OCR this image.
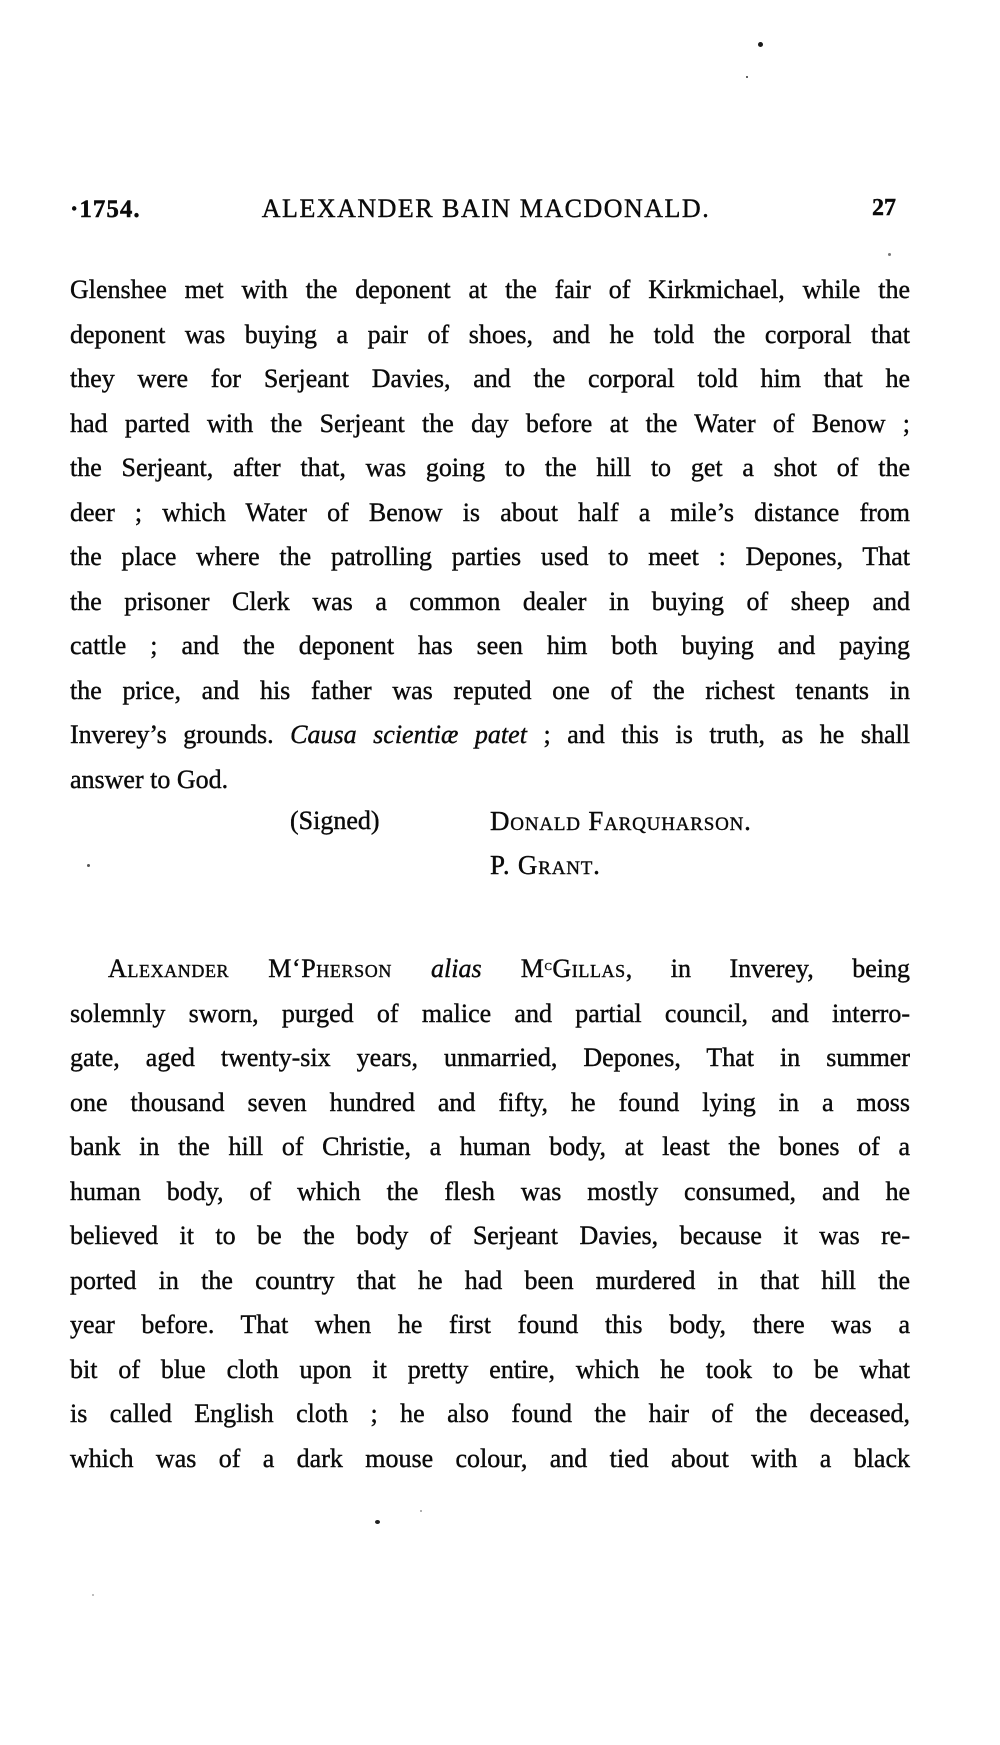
·1754.	ALEXANDER BAIN MACDONALD.	27
Glenshee met with the deponent at the fair of Kirkmichael, while the
deponent was buying a pair of shoes, and he told the corporal that
they were for Serjeant Davies, and the corporal told him that he
had parted with the Serjeant the day before at the Water of Benow ;
the Serjeant, after that, was going to the hill to get a shot of the
deer ; which Water of Benow is about half a mile’s distance from
the place where the patrolling parties used to meet : Depones, That
the prisoner Clerk was a common dealer in buying of sheep and
cattle ; and the deponent has seen him both buying and paying
the price, and his father was reputed one of the richest tenants in
Inverey’s grounds. Causa scientiæ patet ; and this is truth, as he shall
answer to God.
(Signed)	Donald Farquharson.
P. Grant.
Alexander M‘Pherson alias $M^cGillas$, in Inverey, being
solemnly sworn, purged of malice and partial council, and interro-
gate, aged twenty-six years, unmarried, Depones, That in summer
one thousand seven hundred and fifty, he found lying in a moss
bank in the hill of Christie, a human body, at least the bones of a
human body, of which the flesh was mostly consumed, and he
believed it to be the body of Serjeant Davies, because it was re-
ported in the country that he had been murdered in that hill the
year before. That when he first found this body, there was a
bit of blue cloth upon it pretty entire, which he took to be what
is called English cloth ; he also found the hair of the deceased,
which was of a dark mouse colour, and tied about with a black
